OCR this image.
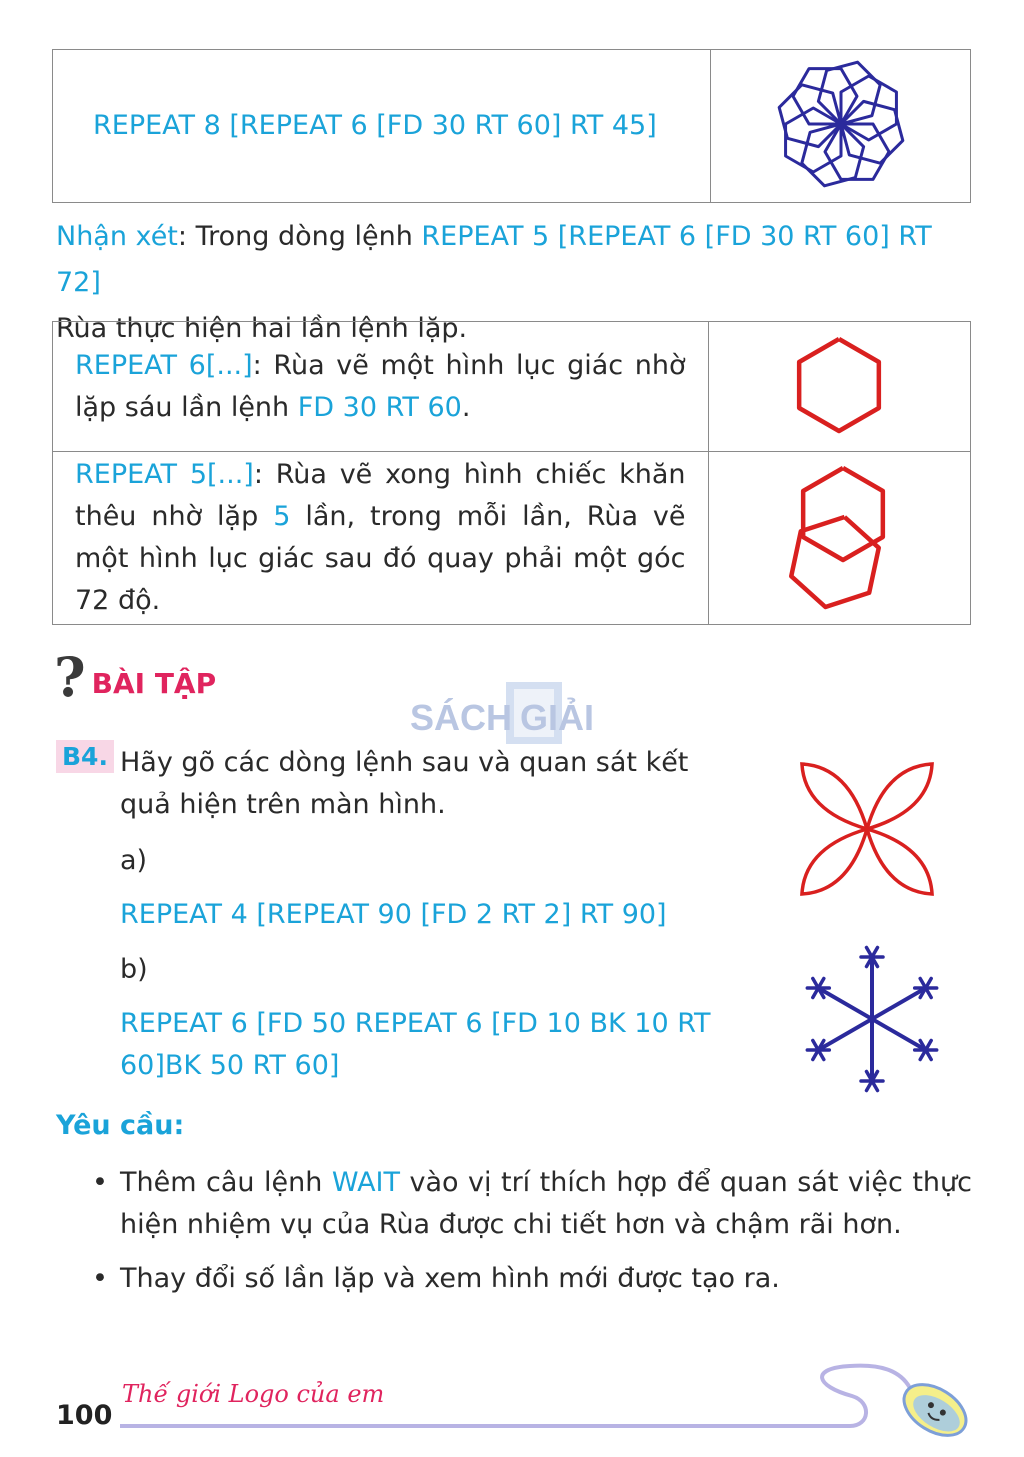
REPEAT 8 [REPEAT 6 [FD 30 RT 60] RT 45]	
Nhận xét: Trong dòng lệnh REPEAT 5 [REPEAT 6 [FD 30 RT 60] RT 72]
Rùa thực hiện hai lần lệnh lặp.
REPEAT 6[...]: Rùa vẽ một hình lục giác nhờ lặp sáu lần lệnh FD 30 RT 60.	
REPEAT 5[...]: Rùa vẽ xong hình chiếc khăn thêu nhờ lặp 5 lần, trong mỗi lần, Rùa vẽ một hình lục giác sau đó quay phải một góc 72 độ.	
? BÀI TẬP
SÁCH GIẢI
B4. Hãy gõ các dòng lệnh sau và quan sát kết quả hiện trên màn hình.
a)
REPEAT 4 [REPEAT 90 [FD 2 RT 2] RT 90]
b)
REPEAT 6 [FD 50 REPEAT 6 [FD 10 BK 10 RT 60]BK 50 RT 60]
Yêu cầu:
• Thêm câu lệnh WAIT vào vị trí thích hợp để quan sát việc thực hiện nhiệm vụ của Rùa được chi tiết hơn và chậm rãi hơn.
• Thay đổi số lần lặp và xem hình mới được tạo ra.
100
Thế giới Logo của em
